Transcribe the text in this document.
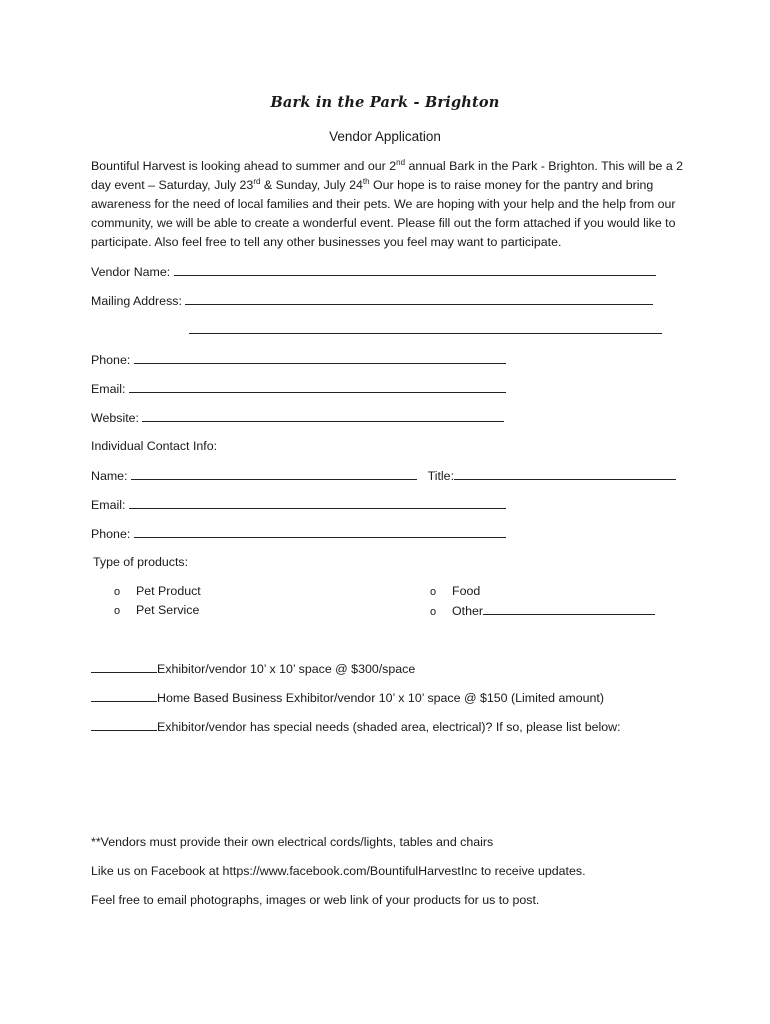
Bark in the Park - Brighton
Vendor Application
Bountiful Harvest is looking ahead to summer and our 2nd annual Bark in the Park - Brighton. This will be a 2 day event – Saturday, July 23rd & Sunday, July 24th Our hope is to raise money for the pantry and bring awareness for the need of local families and their pets. We are hoping with your help and the help from our community, we will be able to create a wonderful event. Please fill out the form attached if you would like to participate. Also feel free to tell any other businesses you feel may want to participate.
Vendor Name:
Mailing Address:
Phone:
Email:
Website:
Individual Contact Info:
Name:	Title:
Email:
Phone:
Type of products:
o Pet Product
o Pet Service
o Food
o Other
Exhibitor/vendor 10’ x 10’ space @ $300/space
Home Based Business Exhibitor/vendor 10’ x 10’ space @ $150 (Limited amount)
Exhibitor/vendor has special needs (shaded area, electrical)? If so, please list below:
**Vendors must provide their own electrical cords/lights, tables and chairs
Like us on Facebook at https://www.facebook.com/BountifulHarvestInc to receive updates.
Feel free to email photographs, images or web link of your products for us to post.
